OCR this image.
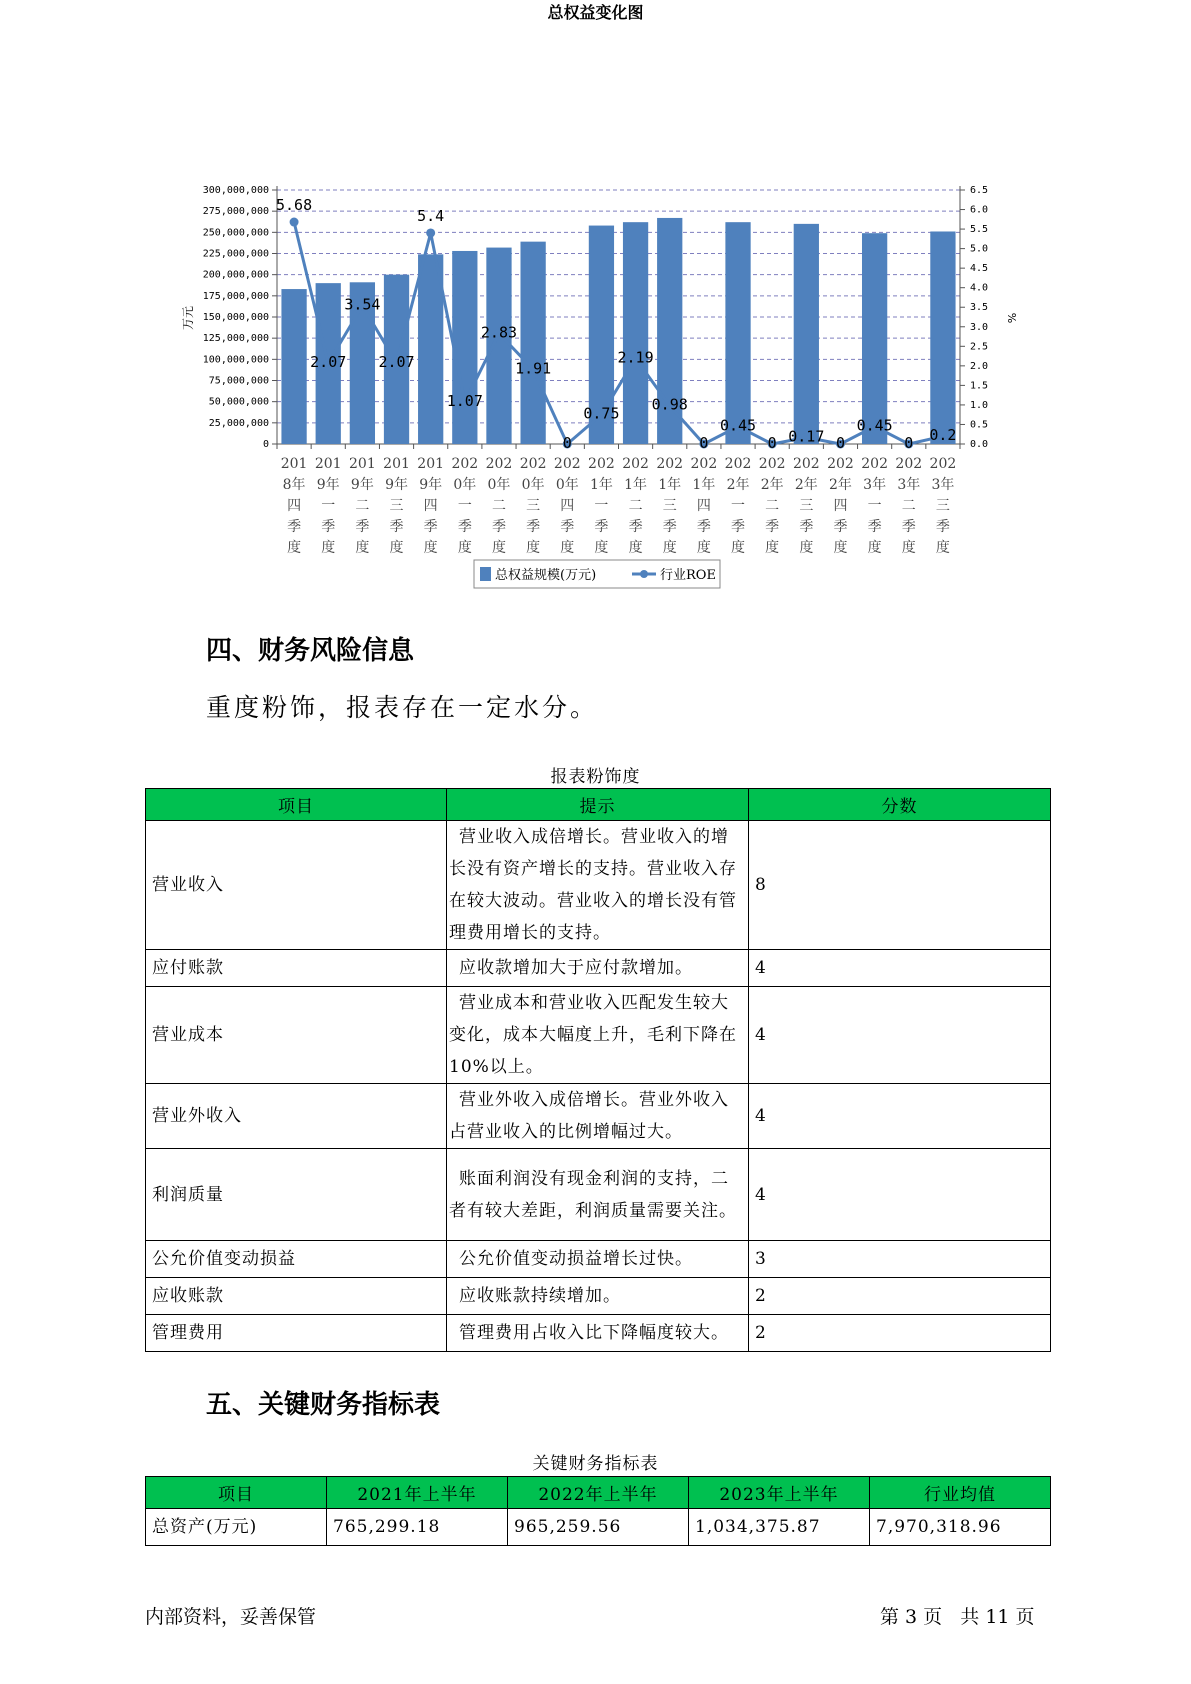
总权益变化图
0
25,000,000
50,000,000
75,000,000
100,000,000
125,000,000
150,000,000
175,000,000
200,000,000
225,000,000
250,000,000
275,000,000
300,000,000
0.0
0.5
1.0
1.5
2.0
2.5
3.0
3.5
4.0
4.5
5.0
5.5
6.0
6.5
万元	%
201
8年
四
季
度
201
9年
一
季
度
201
9年
二
季
度
201
9年
三
季
度
201
9年
四
季
度
202
0年
一
季
度
202
0年
二
季
度
202
0年
三
季
度
202
0年
四
季
度
202
1年
一
季
度
202
1年
二
季
度
202
1年
三
季
度
202
1年
四
季
度
202
2年
一
季
度
202
2年
二
季
度
202
2年
三
季
度
202
2年
四
季
度
202
3年
一
季
度
202
3年
二
季
度
202
3年
三
季
度
5.68
2.07
3.54
2.07
5.4
1.07
2.83
1.91
0
0.75
2.19
0.98
0
0.45
0 0.17 0
0.45
0 0.2
总权益规模(万元)	行业ROE
四、财务风险信息
重度粉饰，报表存在一定水分。
报表粉饰度
项目	提示	分数
营业收入	营业收入成倍增长。营业收入的增长没有资产增长的支持。营业收入存在较大波动。营业收入的增长没有管理费用增长的支持。	8
应付账款	应收款增加大于应付款增加。	4
营业成本	营业成本和营业收入匹配发生较大变化，成本大幅度上升，毛利下降在10%以上。	4
营业外收入	营业外收入成倍增长。营业外收入占营业收入的比例增幅过大。	4
利润质量	账面利润没有现金利润的支持，二者有较大差距，利润质量需要关注。	4
公允价值变动损益	公允价值变动损益增长过快。	3
应收账款	应收账款持续增加。	2
管理费用	管理费用占收入比下降幅度较大。	2
五、关键财务指标表
关键财务指标表
项目	2021年上半年	2022年上半年	2023年上半年	行业均值
总资产(万元)	765,299.18	965,259.56	1,034,375.87	7,970,318.96
内部资料，妥善保管	第 3 页   共 11 页
